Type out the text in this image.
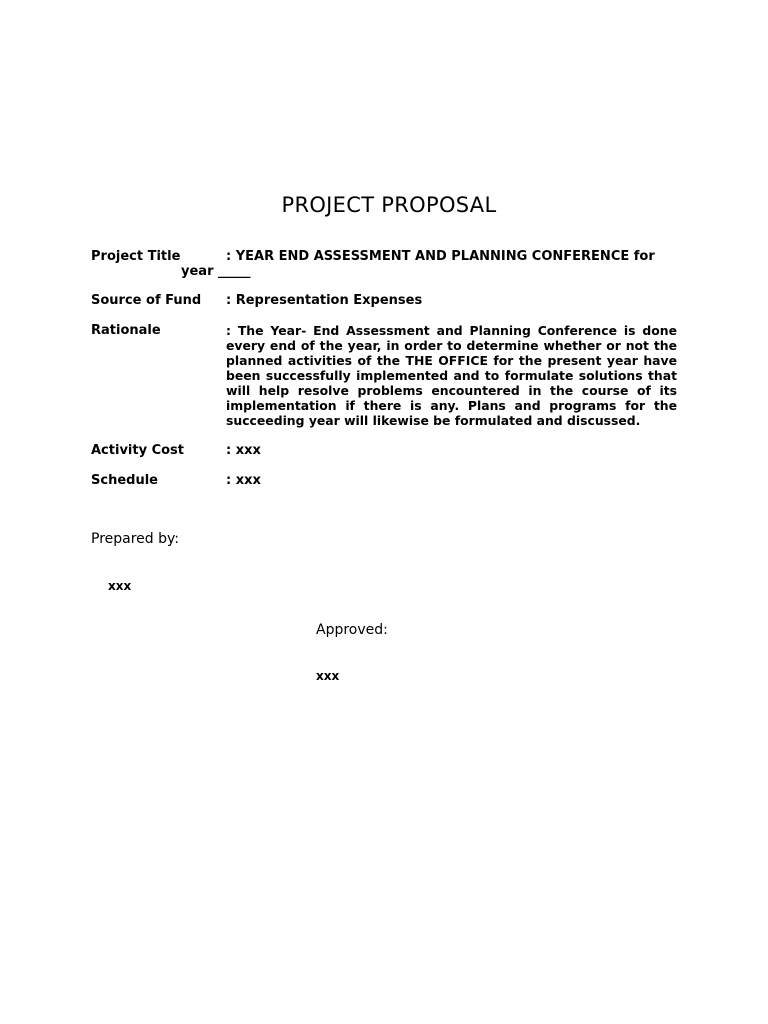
PROJECT PROPOSAL
Project Title	: YEAR END ASSESSMENT AND PLANNING CONFERENCE for
year _____
Source of Fund : Representation Expenses
Rationale	: The Year- End Assessment and Planning Conference is done every end of the year, in order to determine whether or not the planned activities of the THE OFFICE for the present year have been successfully implemented and to formulate solutions that will help resolve problems encountered in the course of its implementation if there is any. Plans and programs for the succeeding year will likewise be formulated and discussed.
Activity Cost	: xxx
Schedule	: xxx
Prepared by:
xxx
Approved:
xxx
